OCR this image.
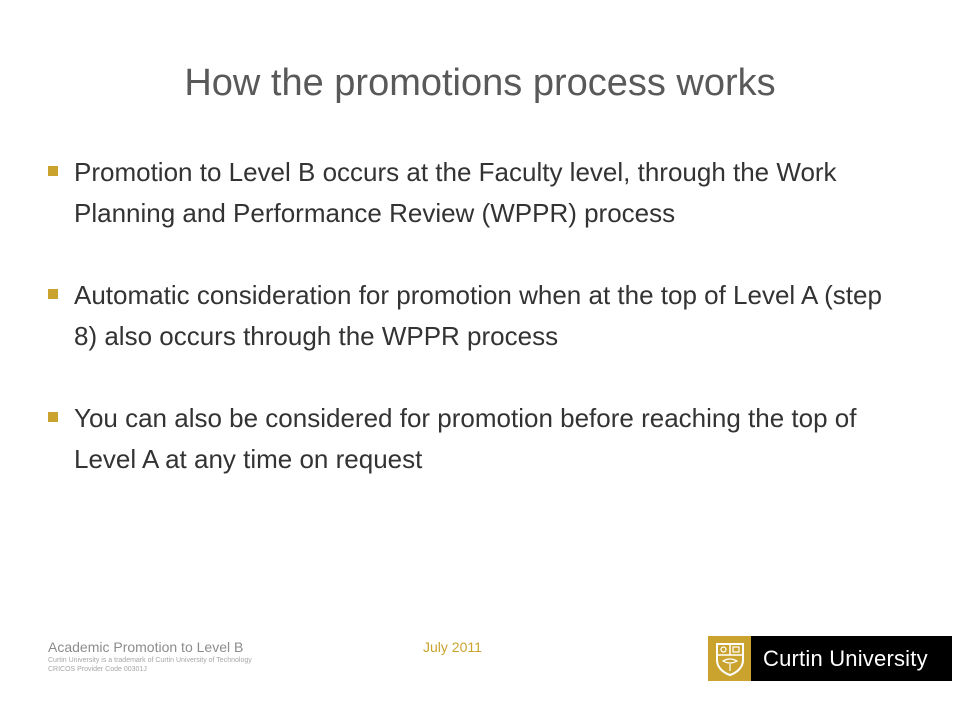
How the promotions process works
Promotion to Level B occurs at the Faculty level, through the Work Planning and Performance Review (WPPR) process
Automatic consideration for promotion when at the top of Level A (step 8) also occurs through the WPPR process
You can also be considered for promotion before reaching the top of Level A at any time on request
Academic Promotion to Level B
Curtin University is a trademark of Curtin University of Technology
CRICOS Provider Code 00301J
July 2011	Curtin University
